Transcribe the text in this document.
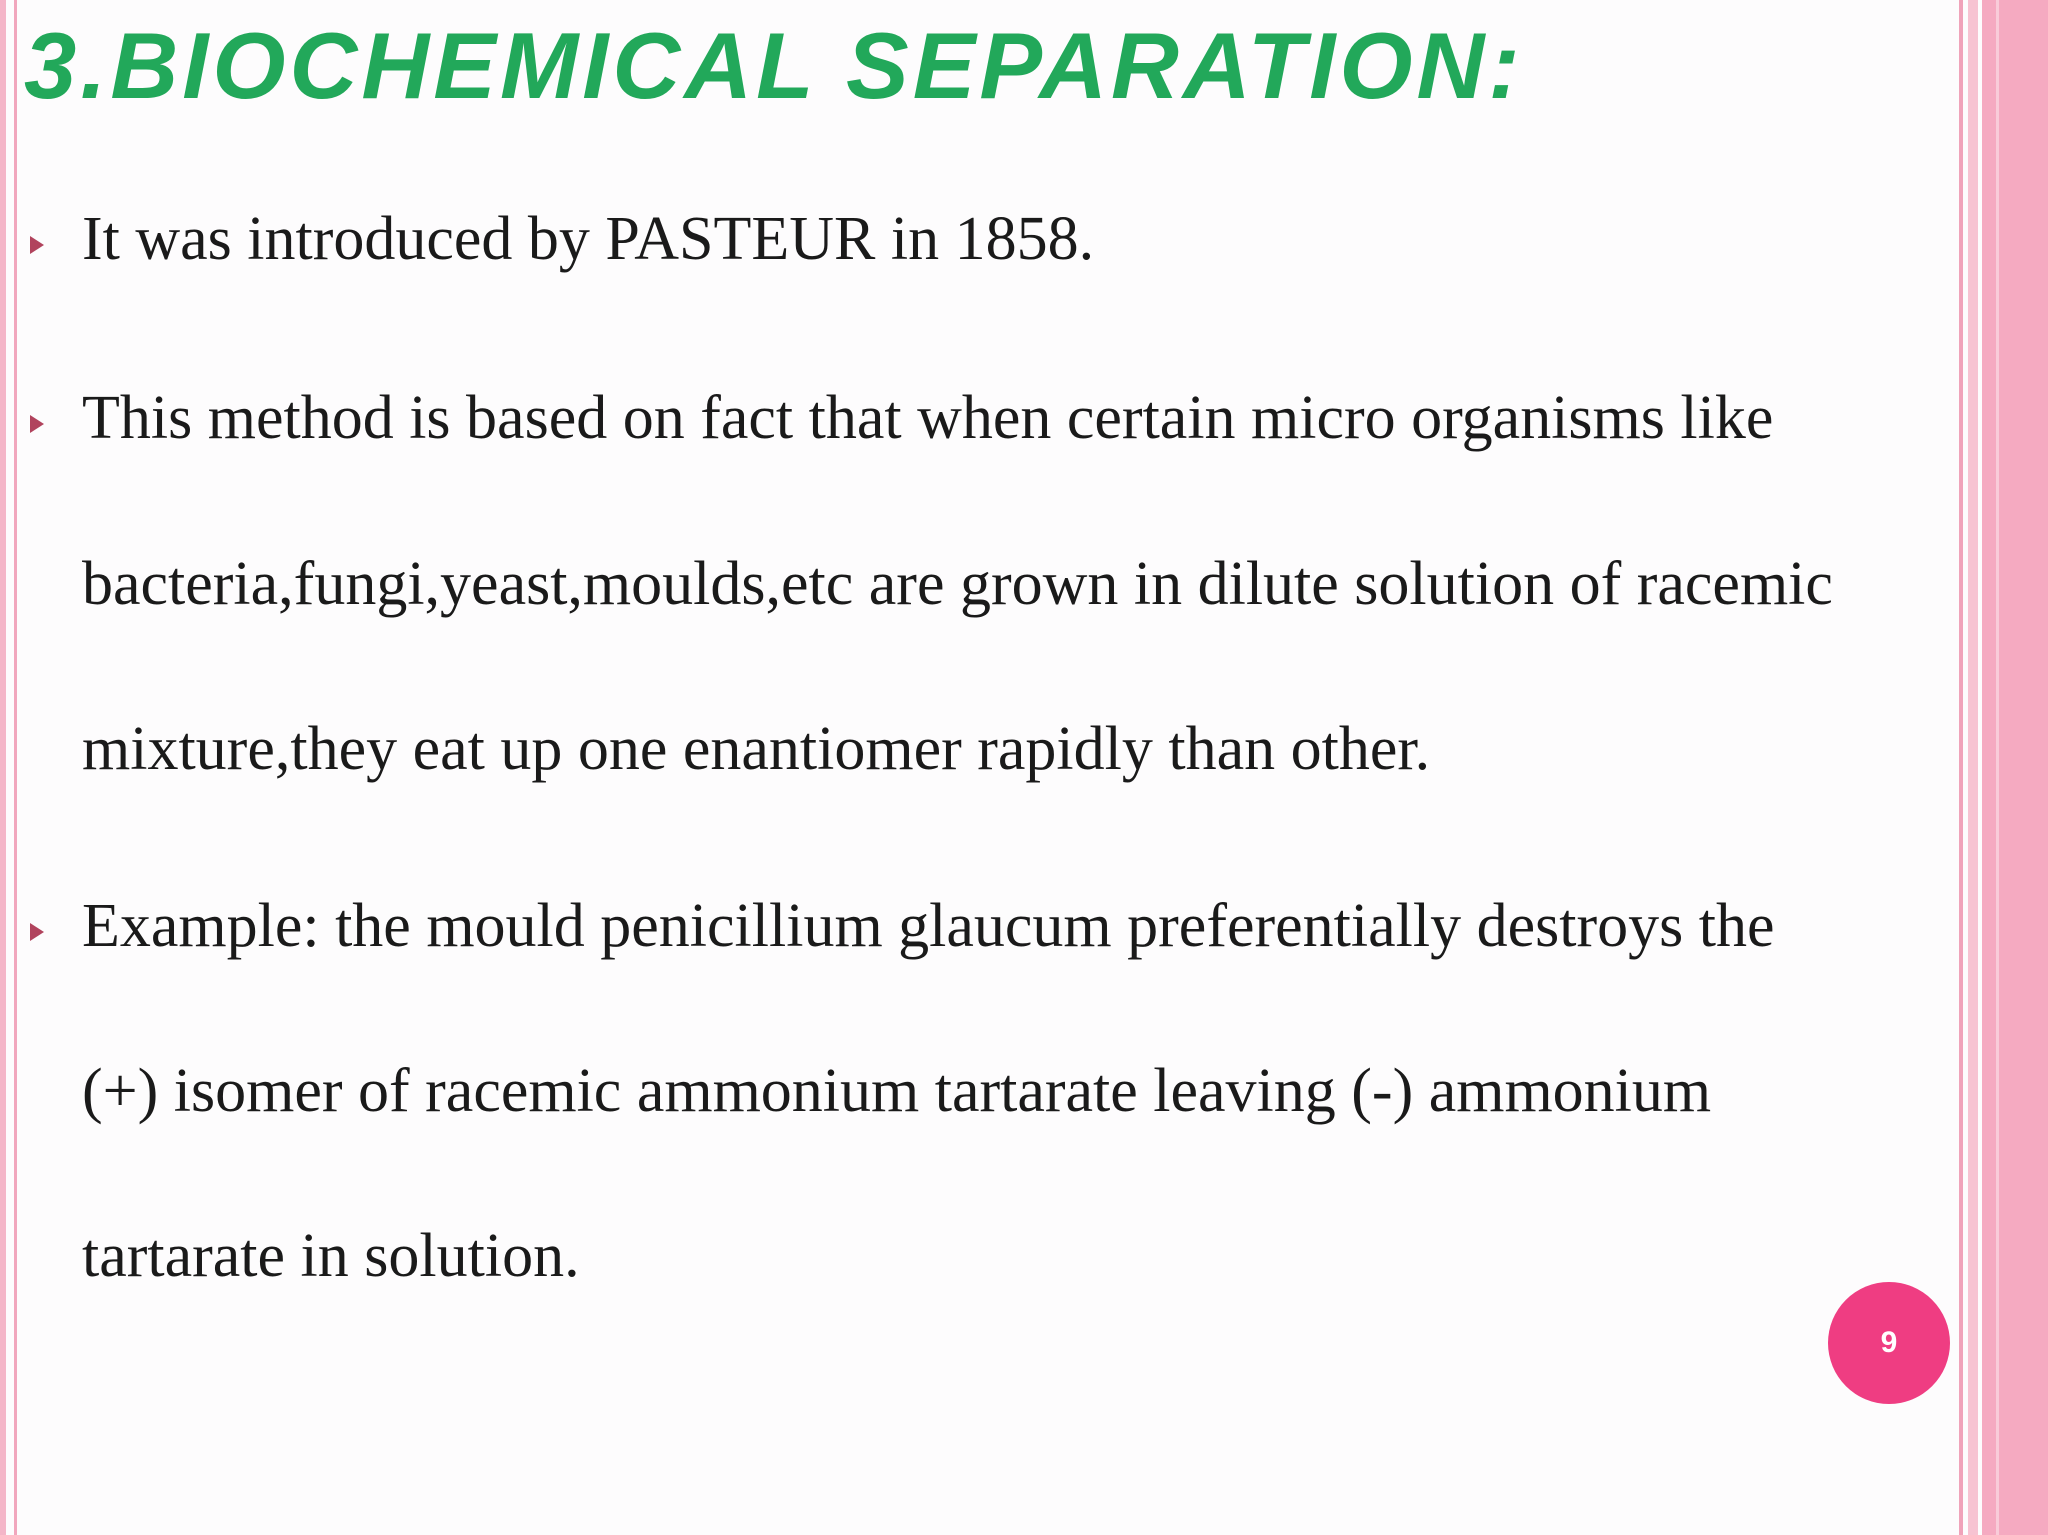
3.BIOCHEMICAL SEPARATION:
It was introduced by PASTEUR in 1858.
This method is based on fact that when certain micro organisms like
bacteria,fungi,yeast,moulds,etc are grown in dilute solution of racemic
mixture,they eat up one enantiomer rapidly than other.
Example: the mould penicillium glaucum preferentially destroys the
(+) isomer of racemic ammonium tartarate leaving (-) ammonium
tartarate in solution.
9
